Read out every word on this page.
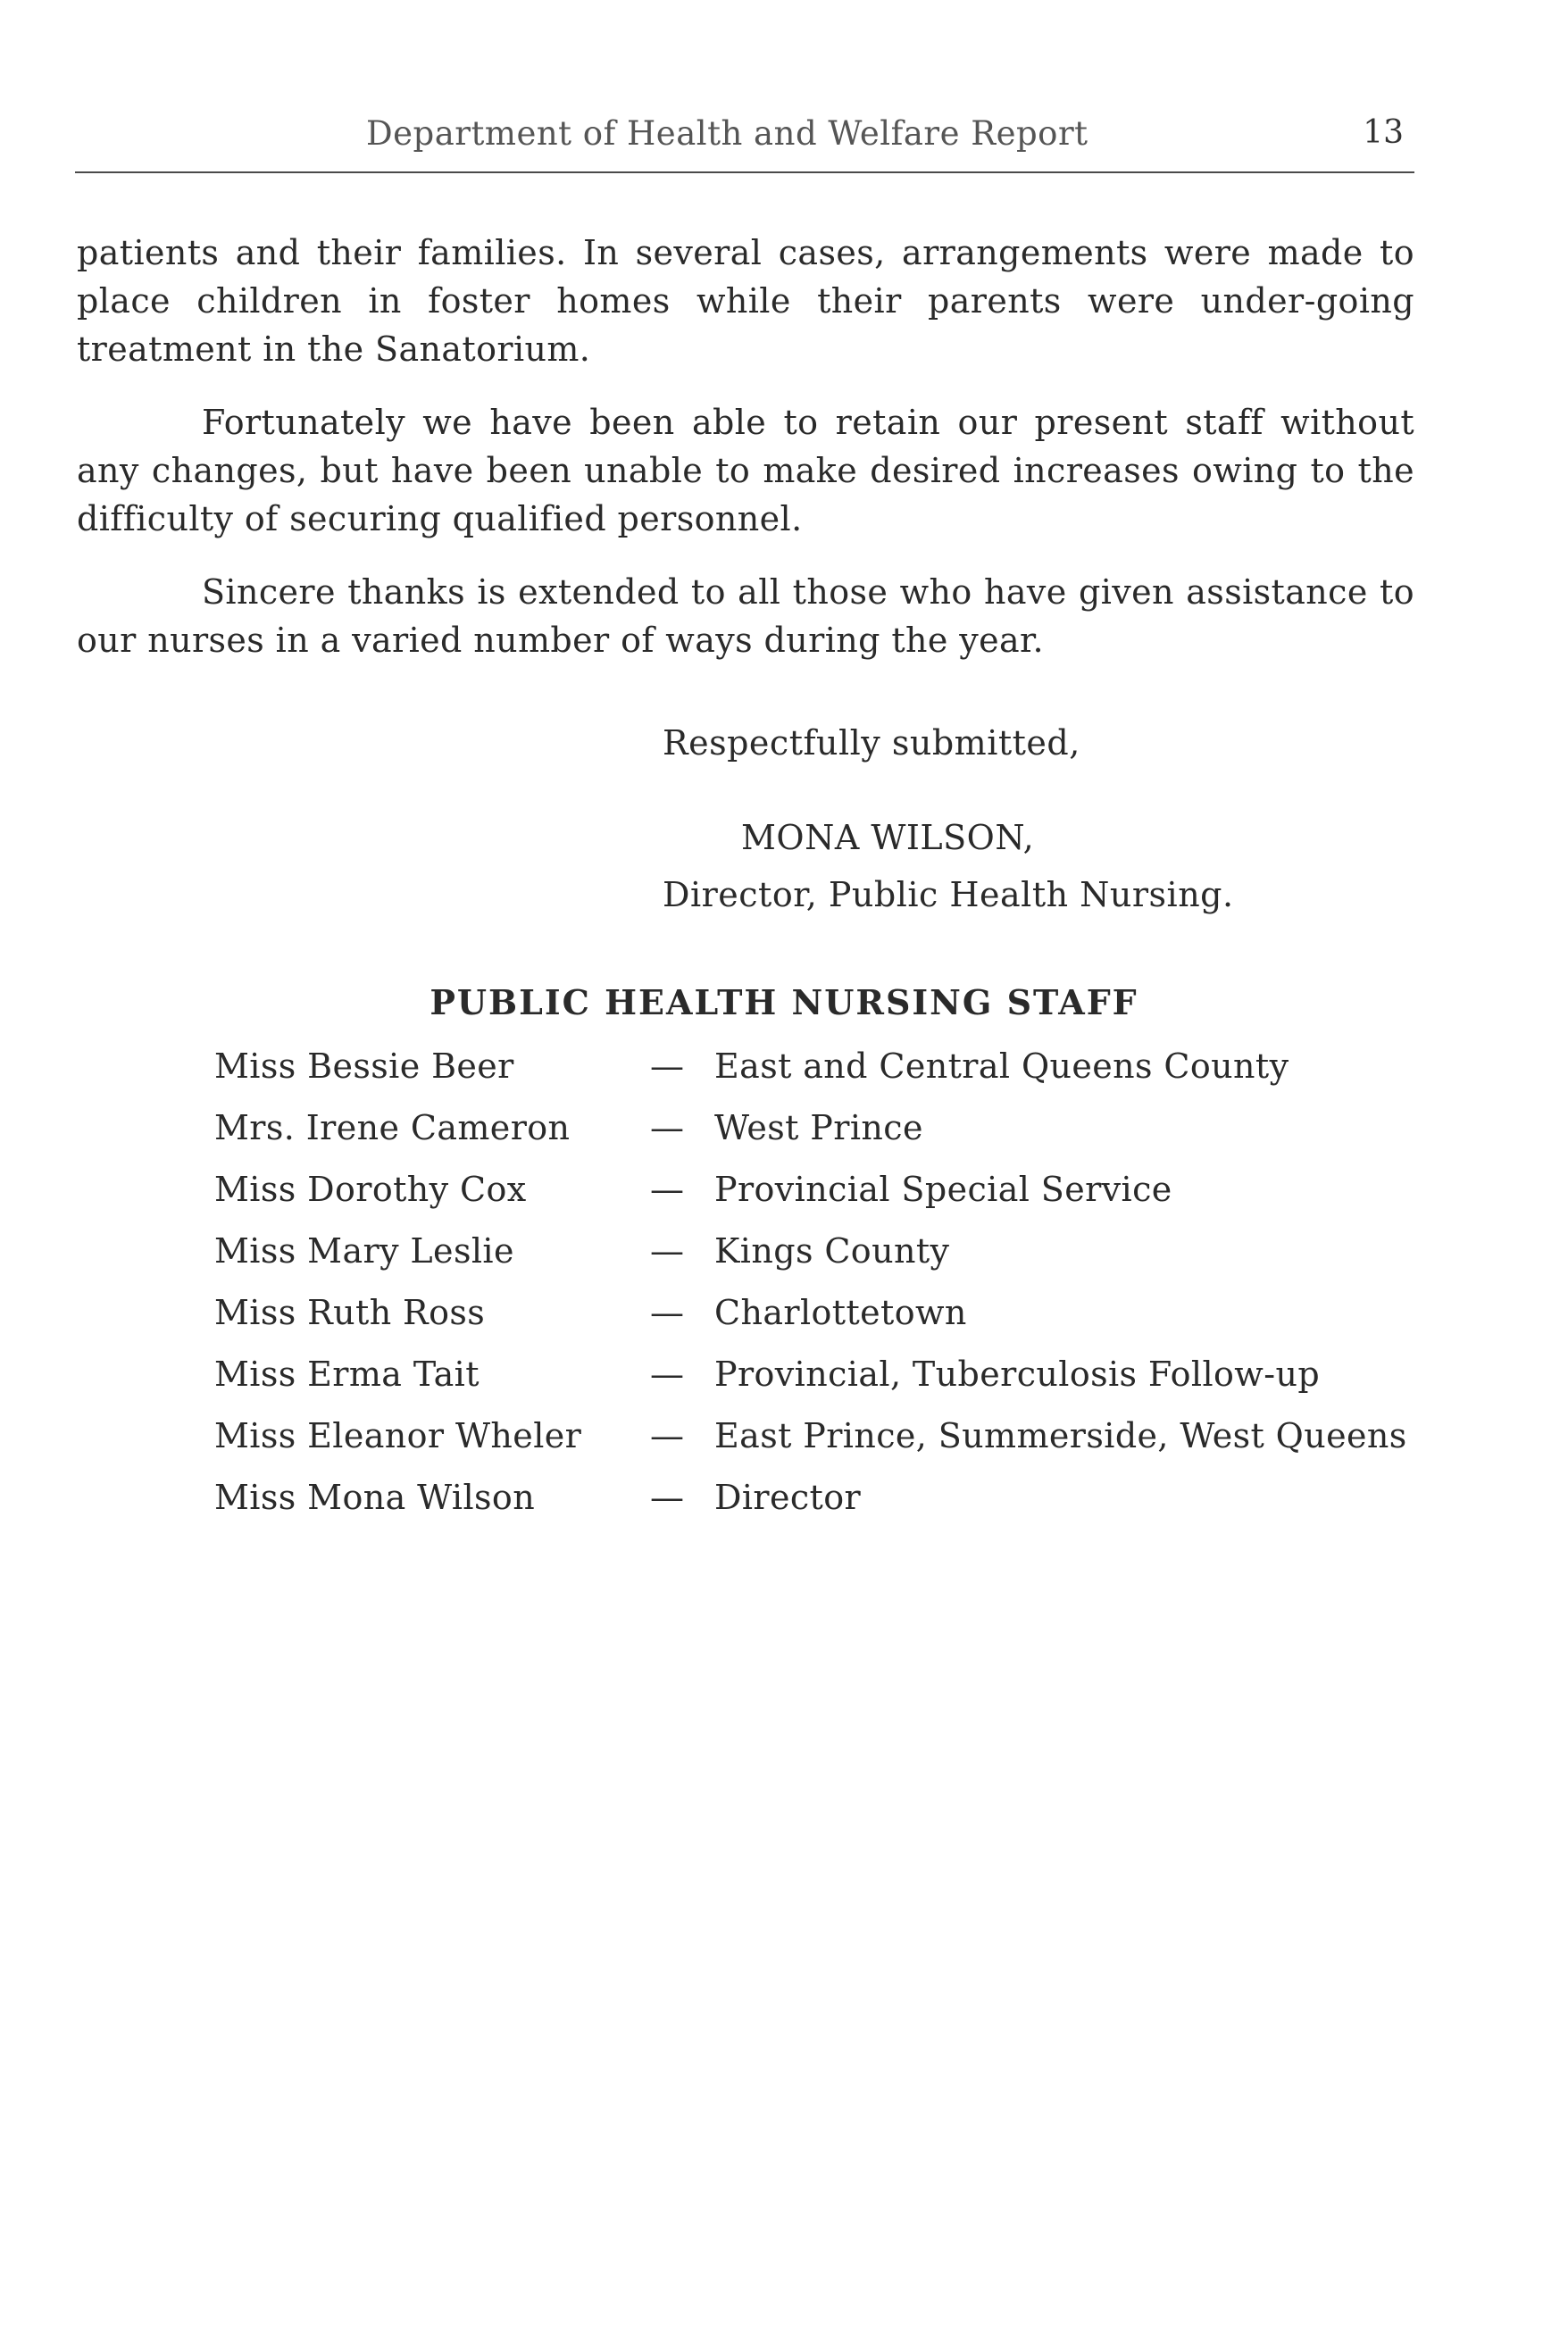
Department of Health and Welfare Report	13

patients and their families. In several cases, arrangements were made to place children in foster homes while their parents were under-going treatment in the Sanatorium.

Fortunately we have been able to retain our present staff without any changes, but have been unable to make desired increases owing to the difficulty of securing qualified personnel.

Sincere thanks is extended to all those who have given assistance to our nurses in a varied number of ways during the year.

Respectfully submitted,
MONA WILSON,
Director, Public Health Nursing.
PUBLIC HEALTH NURSING STAFF
Miss Bessie Beer	— East and Central Queens County
Mrs. Irene Cameron — West Prince
Miss Dorothy Cox	— Provincial Special Service
Miss Mary Leslie	— Kings County
Miss Ruth Ross	— Charlottetown
Miss Erma Tait	— Provincial, Tuberculosis Follow-up
Miss Eleanor Wheler — East Prince, Summerside, West Queens
Miss Mona Wilson	— Director
